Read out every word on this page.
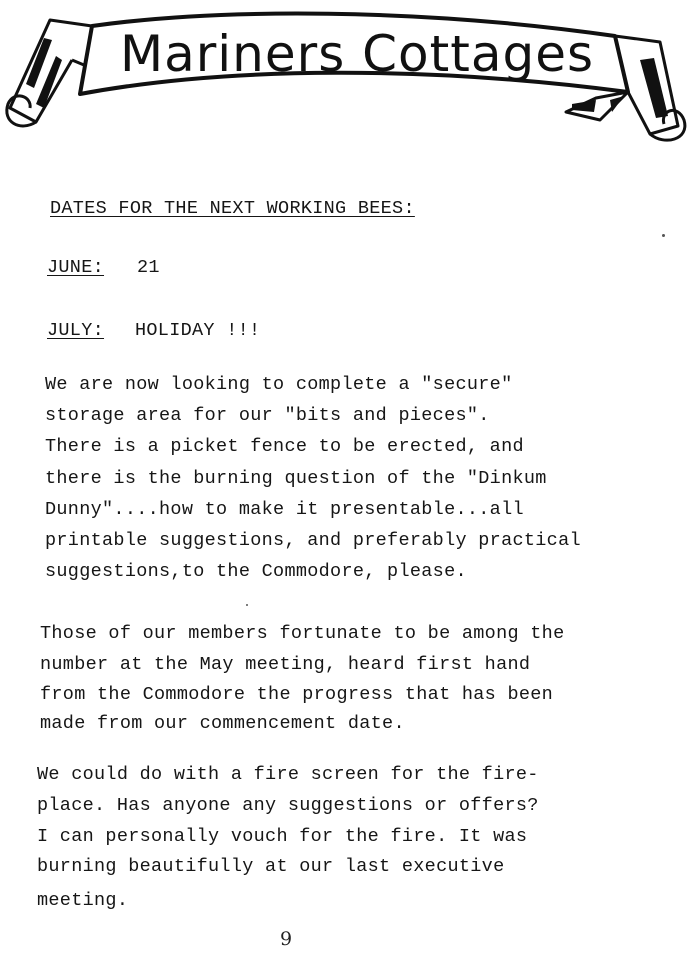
Mariners Cottages
DATES FOR THE NEXT WORKING BEES:
JUNE: 21
JULY: HOLIDAY !!!
We are now looking to complete a "secure"
storage area for our "bits and pieces".
There is a picket fence to be erected, and
there is the burning question of the "Dinkum
Dunny"....how to make it presentable...all
printable suggestions, and preferably practical
suggestions,to the Commodore, please.
Those of our members fortunate to be among the
number at the May meeting, heard first hand
from the Commodore the progress that has been
made from our commencement date.
We could do with a fire screen for the fire-
place. Has anyone any suggestions or offers?
I can personally vouch for the fire. It was
burning beautifully at our last executive
meeting.
9
